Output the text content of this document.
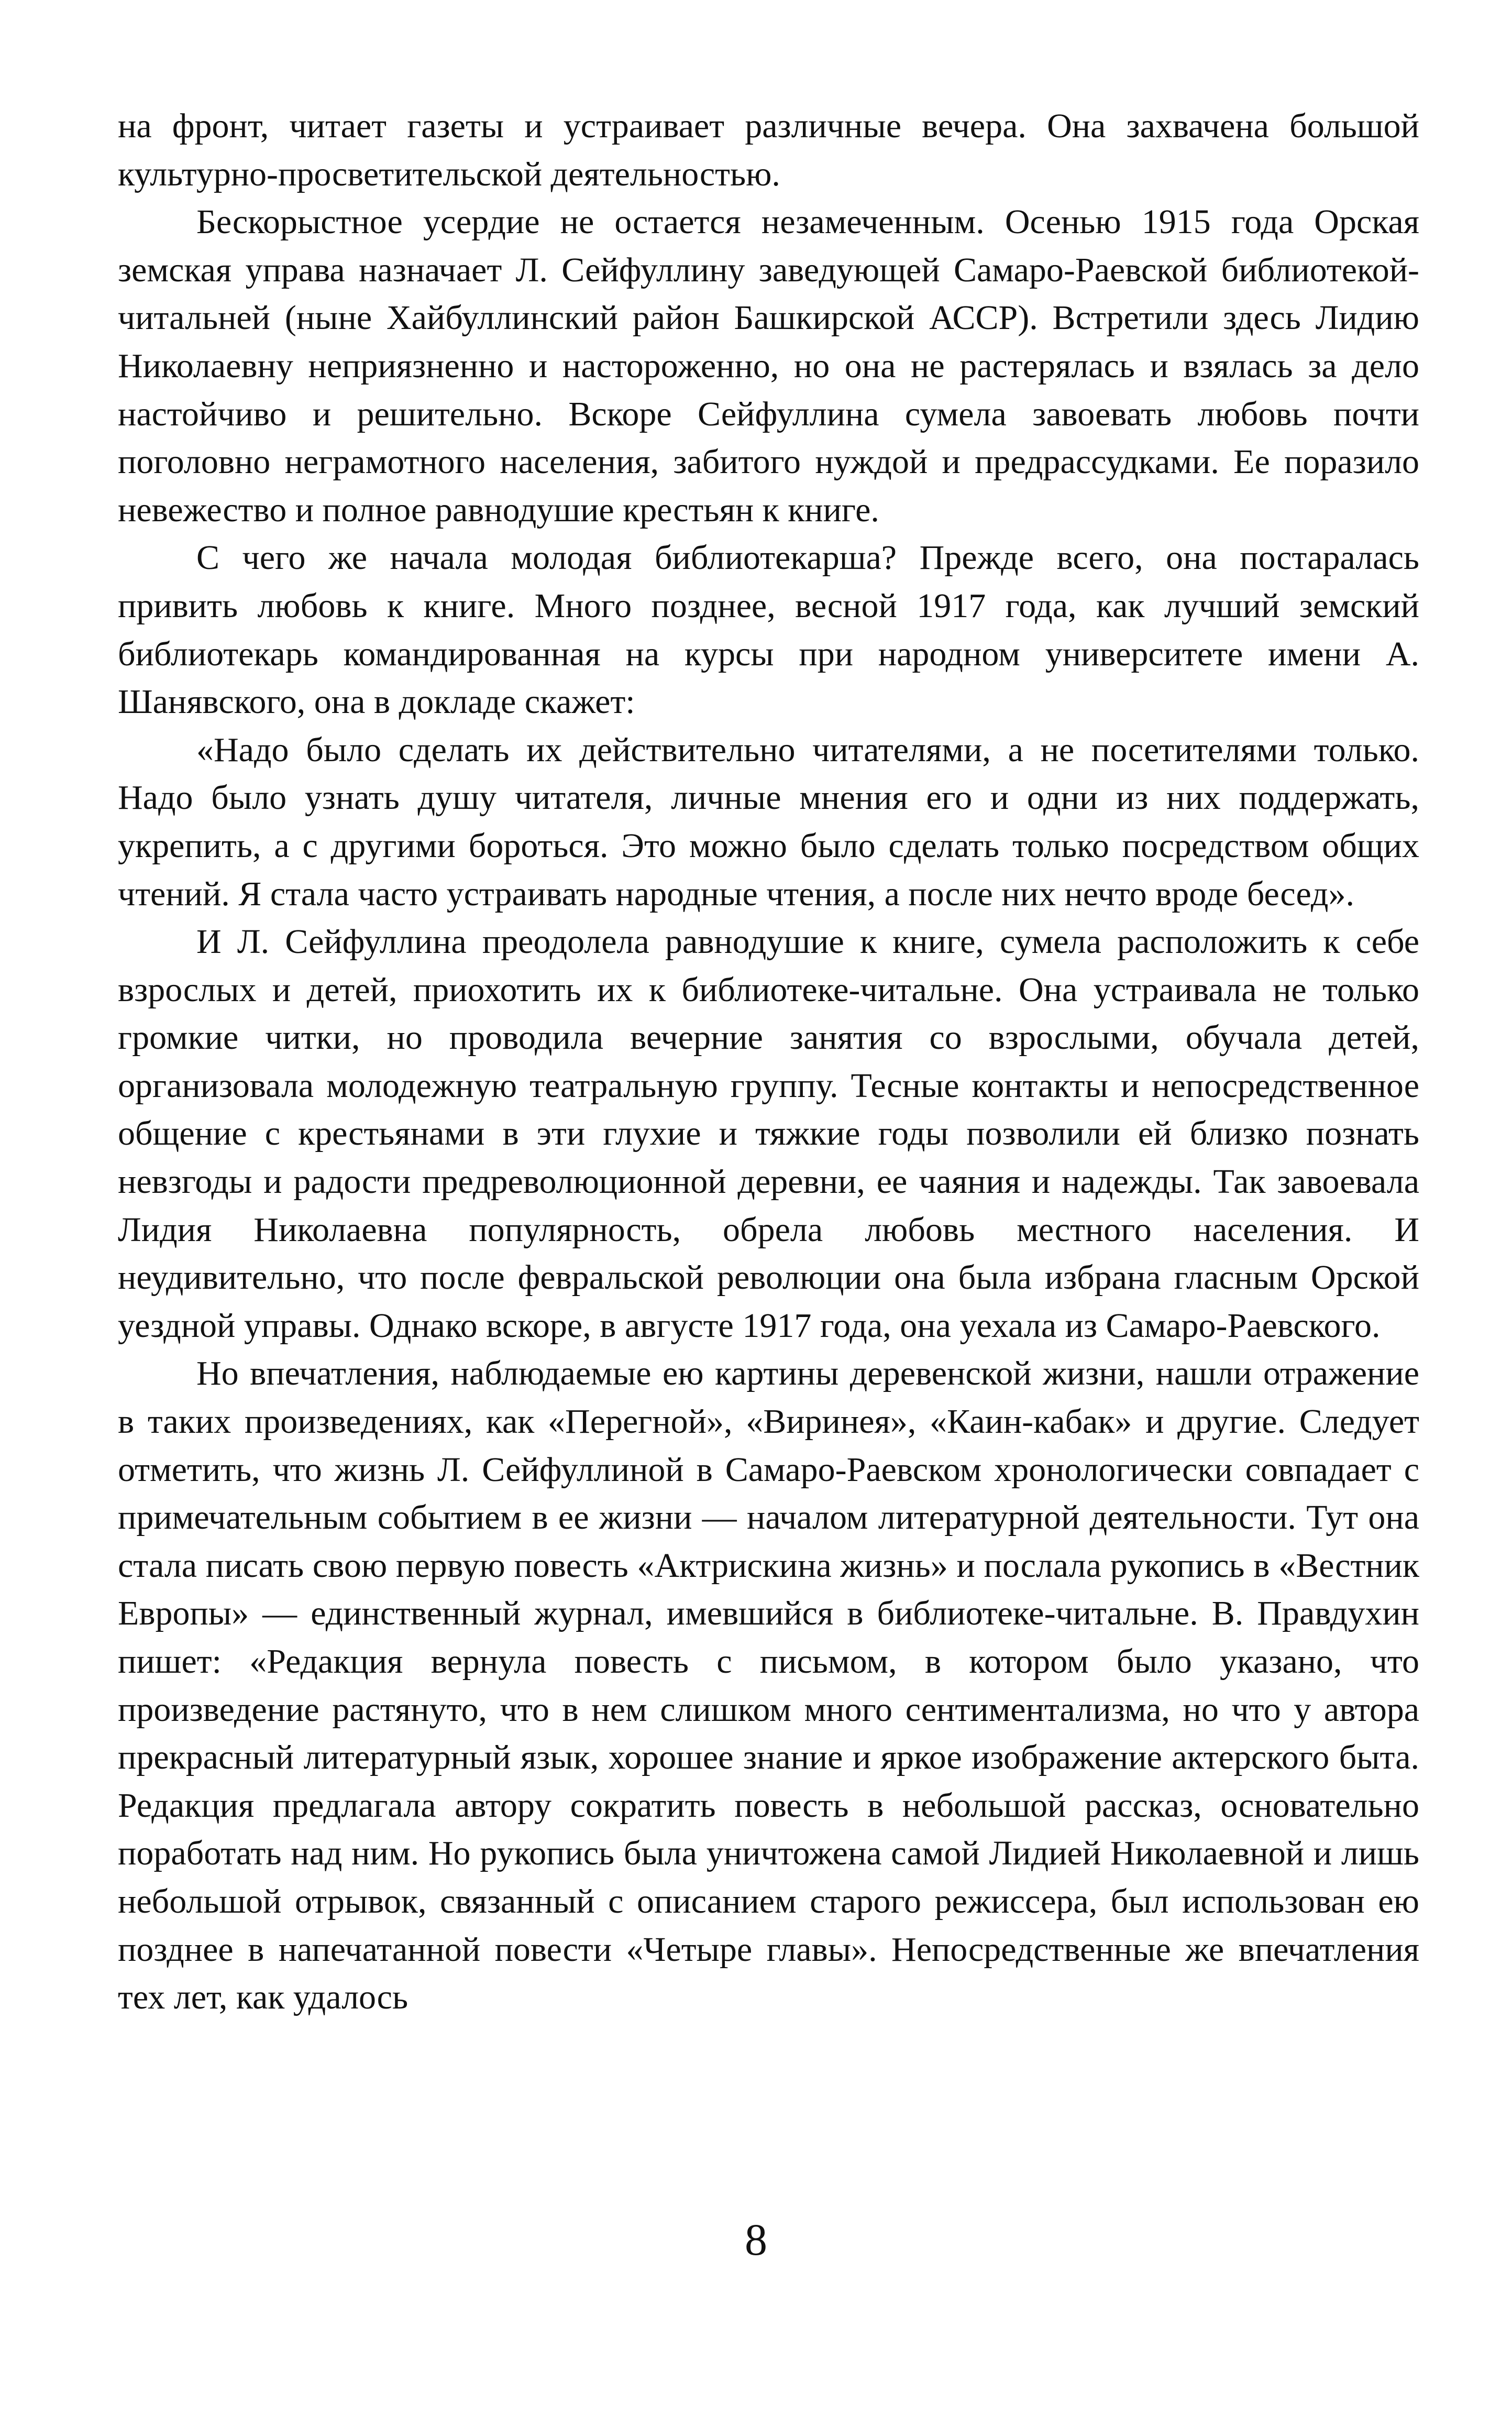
на фронт, читает газеты и устраивает различные вечера. Она захвачена большой культурно-просветительской деятельностью.

Бескорыстное усердие не остается незамеченным. Осенью 1915 года Орская земская управа назначает Л. Сейфуллину заведующей Самаро-Раевской библиотекой-читальней (ныне Хайбуллинский район Башкирской АССР). Встретили здесь Лидию Николаевну неприязненно и настороженно, но она не растерялась и взялась за дело настойчиво и решительно. Вскоре Сейфуллина сумела завоевать любовь почти поголовно неграмотного населения, забитого нуждой и предрассудками. Ее поразило невежество и полное равнодушие крестьян к книге.

С чего же начала молодая библиотекарша? Прежде всего, она постаралась привить любовь к книге. Много позднее, весной 1917 года, как лучший земский библиотекарь командированная на курсы при народном университете имени А. Шанявского, она в докладе скажет:

«Надо было сделать их действительно читателями, а не посетителями только. Надо было узнать душу читателя, личные мнения его и одни из них поддержать, укрепить, а с другими бороться. Это можно было сделать только посредством общих чтений. Я стала часто устраивать народные чтения, а после них нечто вроде бесед».

И Л. Сейфуллина преодолела равнодушие к книге, сумела расположить к себе взрослых и детей, приохотить их к библиотеке-читальне. Она устраивала не только громкие читки, но проводила вечерние занятия со взрослыми, обучала детей, организовала молодежную театральную группу. Тесные контакты и непосредственное общение с крестьянами в эти глухие и тяжкие годы позволили ей близко познать невзгоды и радости предреволюционной деревни, ее чаяния и надежды. Так завоевала Лидия Николаевна популярность, обрела любовь местного населения. И неудивительно, что после февральской революции она была избрана гласным Орской уездной управы. Однако вскоре, в августе 1917 года, она уехала из Самаро-Раевского.

Но впечатления, наблюдаемые ею картины деревенской жизни, нашли отражение в таких произведениях, как «Перегной», «Виринея», «Каин-кабак» и другие. Следует отметить, что жизнь Л. Сейфуллиной в Самаро-Раевском хронологически совпадает с примечательным событием в ее жизни — началом литературной деятельности. Тут она стала писать свою первую повесть «Актрискина жизнь» и послала рукопись в «Вестник Европы» — единственный журнал, имевшийся в библиотеке-читальне. В. Правдухин пишет: «Редакция вернула повесть с письмом, в котором было указано, что произведение растянуто, что в нем слишком много сентиментализма, но что у автора прекрасный литературный язык, хорошее знание и яркое изображение актерского быта. Редакция предлагала автору сократить повесть в небольшой рассказ, основательно поработать над ним. Но рукопись была уничтожена самой Лидией Николаевной и лишь небольшой отрывок, связанный с описанием старого режиссера, был использован ею позднее в напечатанной повести «Четыре главы». Непосредственные же впечатления тех лет, как удалось

8
